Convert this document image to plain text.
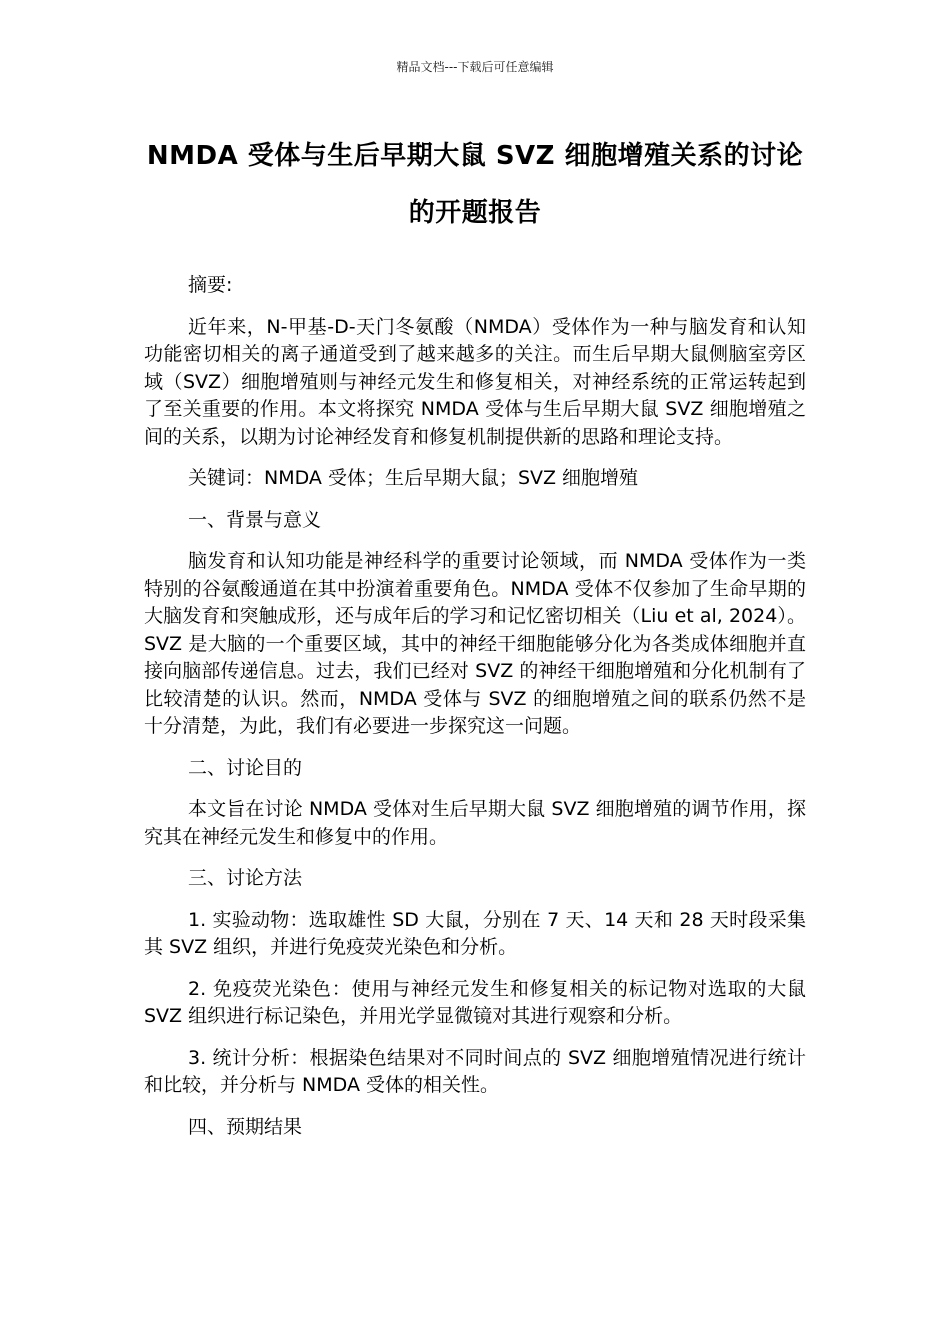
精品文档---下载后可任意编辑
NMDA 受体与生后早期大鼠 SVZ 细胞增殖关系的讨论的开题报告

摘要:

近年来，N-甲基-D-天门冬氨酸（NMDA）受体作为一种与脑发育和认知功能密切相关的离子通道受到了越来越多的关注。而生后早期大鼠侧脑室旁区域（SVZ）细胞增殖则与神经元发生和修复相关，对神经系统的正常运转起到了至关重要的作用。本文将探究 NMDA 受体与生后早期大鼠 SVZ 细胞增殖之间的关系，以期为讨论神经发育和修复机制提供新的思路和理论支持。

关键词：NMDA 受体；生后早期大鼠；SVZ 细胞增殖

一、背景与意义

脑发育和认知功能是神经科学的重要讨论领域，而 NMDA 受体作为一类特别的谷氨酸通道在其中扮演着重要角色。NMDA 受体不仅参加了生命早期的大脑发育和突触成形，还与成年后的学习和记忆密切相关（Liu et al, 2024）。SVZ 是大脑的一个重要区域，其中的神经干细胞能够分化为各类成体细胞并直接向脑部传递信息。过去，我们已经对 SVZ 的神经干细胞增殖和分化机制有了比较清楚的认识。然而，NMDA 受体与 SVZ 的细胞增殖之间的联系仍然不是十分清楚，为此，我们有必要进一步探究这一问题。

二、讨论目的

本文旨在讨论 NMDA 受体对生后早期大鼠 SVZ 细胞增殖的调节作用，探究其在神经元发生和修复中的作用。

三、讨论方法

1. 实验动物：选取雄性 SD 大鼠，分别在 7 天、14 天和 28 天时段采集其 SVZ 组织，并进行免疫荧光染色和分析。

2. 免疫荧光染色：使用与神经元发生和修复相关的标记物对选取的大鼠 SVZ 组织进行标记染色，并用光学显微镜对其进行观察和分析。

3. 统计分析：根据染色结果对不同时间点的 SVZ 细胞增殖情况进行统计和比较，并分析与 NMDA 受体的相关性。

四、预期结果
